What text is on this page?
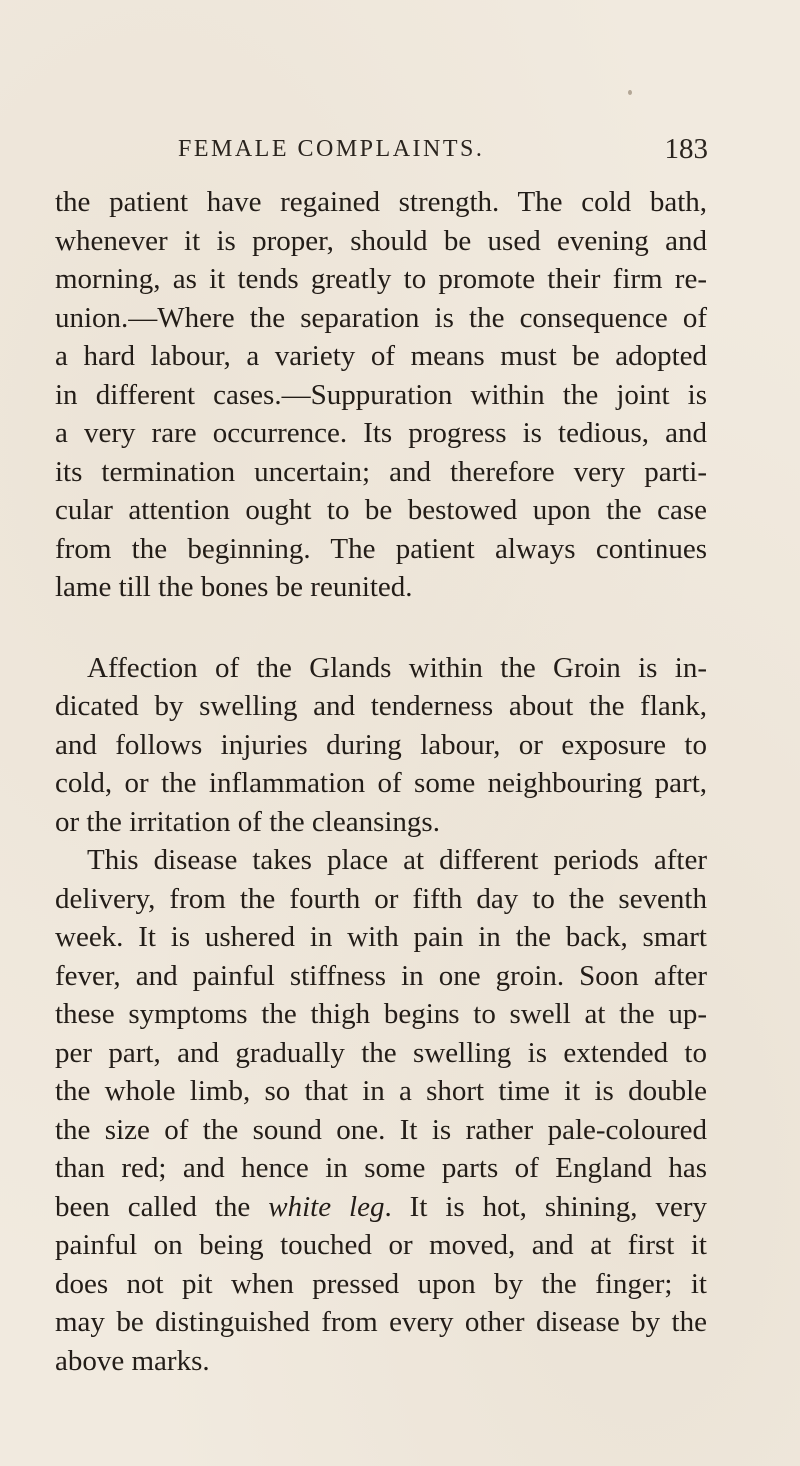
FEMALE COMPLAINTS.	183

the patient have regained strength. The cold bath,

whenever it is proper, should be used evening and

morning, as it tends greatly to promote their firm re-

union.—Where the separation is the consequence of

a hard labour, a variety of means must be adopted

in different cases.—Suppuration within the joint is

a very rare occurrence. Its progress is tedious, and

its termination uncertain; and therefore very parti-

cular attention ought to be bestowed upon the case

from the beginning. The patient always continues

lame till the bones be reunited.

Affection of the Glands within the Groin is in-

dicated by swelling and tenderness about the flank,

and follows injuries during labour, or exposure to

cold, or the inflammation of some neighbouring part,

or the irritation of the cleansings.

This disease takes place at different periods after

delivery, from the fourth or fifth day to the seventh

week. It is ushered in with pain in the back, smart

fever, and painful stiffness in one groin. Soon after

these symptoms the thigh begins to swell at the up-

per part, and gradually the swelling is extended to

the whole limb, so that in a short time it is double

the size of the sound one. It is rather pale-coloured

than red; and hence in some parts of England has

been called the white leg. It is hot, shining, very

painful on being touched or moved, and at first it

does not pit when pressed upon by the finger; it

may be distinguished from every other disease by the

above marks.
